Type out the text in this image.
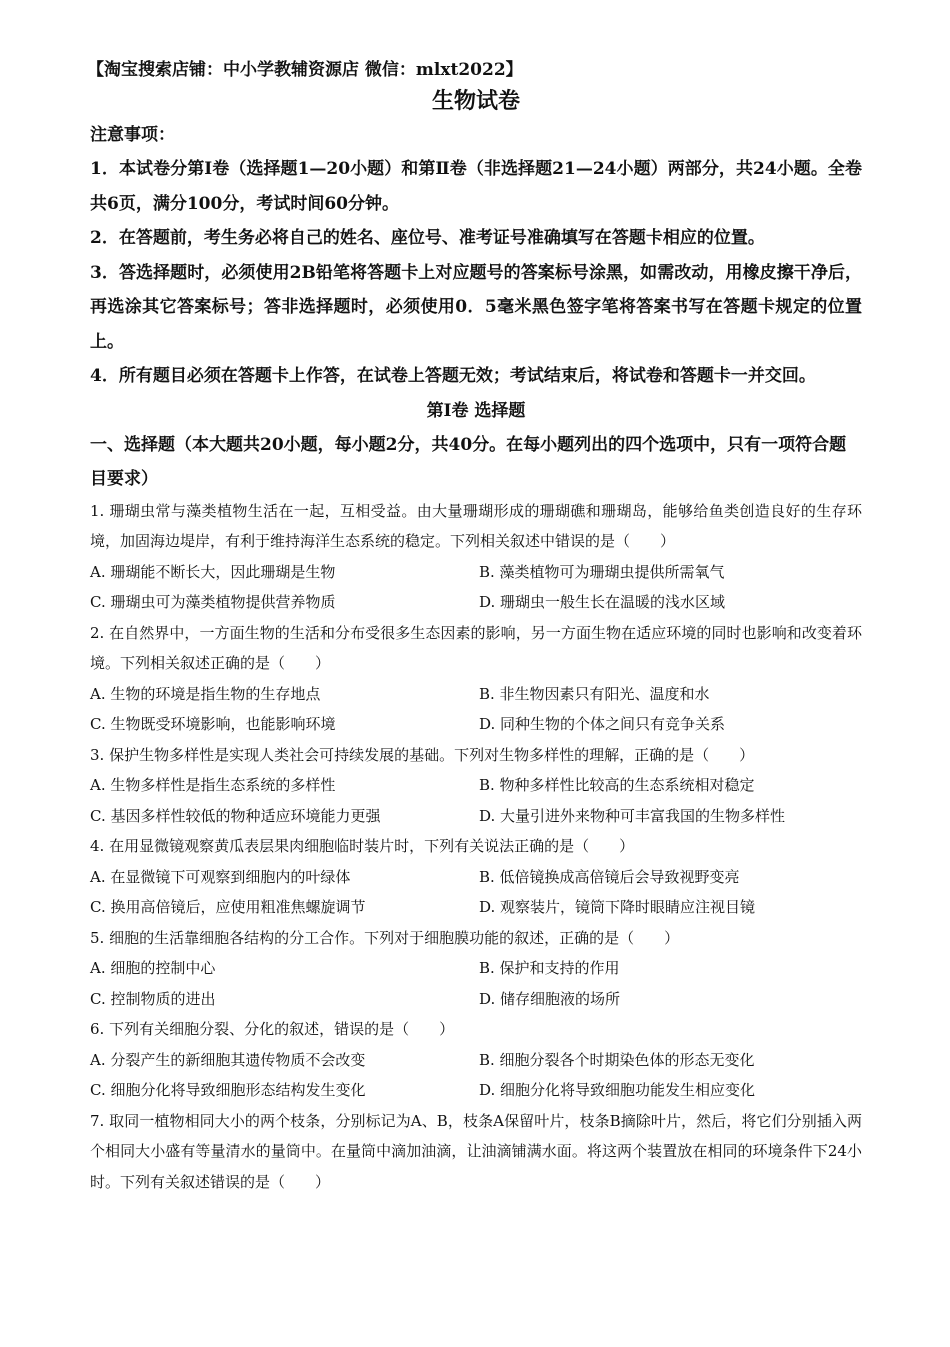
【淘宝搜索店铺：中小学教辅资源店 微信：mlxt2022】
生物试卷
注意事项：
1．本试卷分第Ⅰ卷（选择题1—20小题）和第Ⅱ卷（非选择题21—24小题）两部分，共24小题。全卷共6页，满分100分，考试时间60分钟。
2．在答题前，考生务必将自己的姓名、座位号、准考证号准确填写在答题卡相应的位置。
3．答选择题时，必须使用2B铅笔将答题卡上对应题号的答案标号涂黑，如需改动，用橡皮擦干净后，再选涂其它答案标号；答非选择题时，必须使用0．5毫米黑色签字笔将答案书写在答题卡规定的位置上。
4．所有题目必须在答题卡上作答，在试卷上答题无效；考试结束后，将试卷和答题卡一并交回。
第Ⅰ卷 选择题
一、选择题（本大题共20小题，每小题2分，共40分。在每小题列出的四个选项中，只有一项符合题目要求）
1. 珊瑚虫常与藻类植物生活在一起，互相受益。由大量珊瑚形成的珊瑚礁和珊瑚岛，能够给鱼类创造良好的生存环境，加固海边堤岸，有利于维持海洋生态系统的稳定。下列相关叙述中错误的是（　　）
A. 珊瑚能不断长大，因此珊瑚是生物	B. 藻类植物可为珊瑚虫提供所需氧气
C. 珊瑚虫可为藻类植物提供营养物质	D. 珊瑚虫一般生长在温暖的浅水区域
2. 在自然界中，一方面生物的生活和分布受很多生态因素的影响，另一方面生物在适应环境的同时也影响和改变着环境。下列相关叙述正确的是（　　）
A. 生物的环境是指生物的生存地点	B. 非生物因素只有阳光、温度和水
C. 生物既受环境影响，也能影响环境	D. 同种生物的个体之间只有竞争关系
3. 保护生物多样性是实现人类社会可持续发展的基础。下列对生物多样性的理解，正确的是（　　）
A. 生物多样性是指生态系统的多样性	B. 物种多样性比较高的生态系统相对稳定
C. 基因多样性较低的物种适应环境能力更强	D. 大量引进外来物种可丰富我国的生物多样性
4. 在用显微镜观察黄瓜表层果肉细胞临时装片时，下列有关说法正确的是（　　）
A. 在显微镜下可观察到细胞内的叶绿体	B. 低倍镜换成高倍镜后会导致视野变亮
C. 换用高倍镜后，应使用粗准焦螺旋调节	D. 观察装片，镜筒下降时眼睛应注视目镜
5. 细胞的生活靠细胞各结构的分工合作。下列对于细胞膜功能的叙述，正确的是（　　）
A. 细胞的控制中心	B. 保护和支持的作用
C. 控制物质的进出	D. 储存细胞液的场所
6. 下列有关细胞分裂、分化的叙述，错误的是（　　）
A. 分裂产生的新细胞其遗传物质不会改变	B. 细胞分裂各个时期染色体的形态无变化
C. 细胞分化将导致细胞形态结构发生变化	D. 细胞分化将导致细胞功能发生相应变化
7. 取同一植物相同大小的两个枝条，分别标记为A、B，枝条A保留叶片，枝条B摘除叶片，然后，将它们分别插入两个相同大小盛有等量清水的量筒中。在量筒中滴加油滴，让油滴铺满水面。将这两个装置放在相同的环境条件下24小时。下列有关叙述错误的是（　　）
